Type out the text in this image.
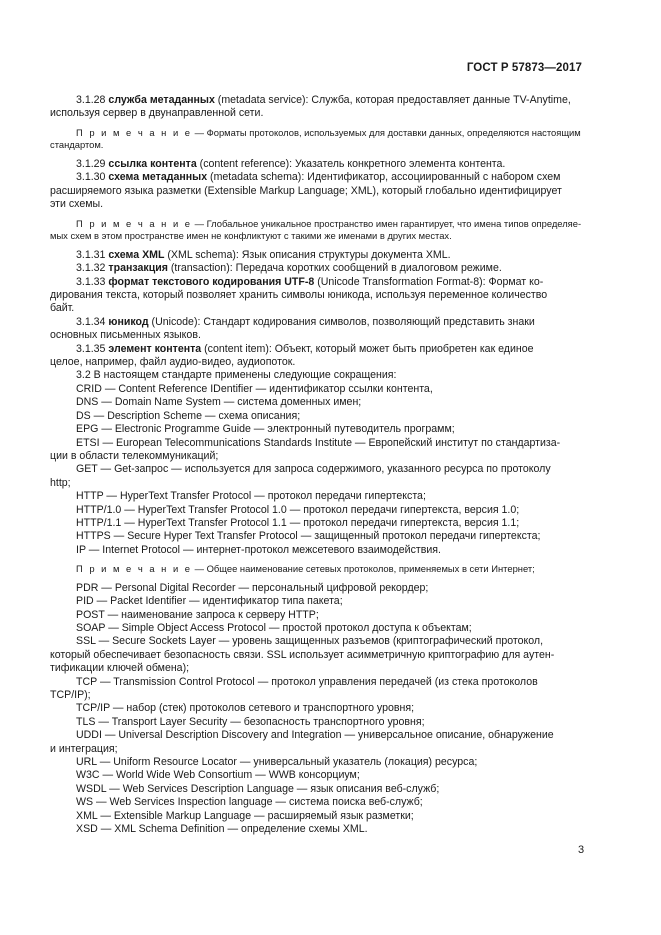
ГОСТ Р 57873—2017

3.1.28 служба метаданных (metadata service): Служба, которая предоставляет данные TV-Anytime,
используя сервер в двунаправленной сети.

П р и м е ч а н и е — Форматы протоколов, используемых для доставки данных, определяются настоящим
стандартом.

3.1.29 ссылка контента (content reference): Указатель конкретного элемента контента.

3.1.30 схема метаданных (metadata schema): Идентификатор, ассоциированный с набором схем
расширяемого языка разметки (Extensible Markup Language; XML), который глобально идентифицирует
эти схемы.

П р и м е ч а н и е — Глобальное уникальное пространство имен гарантирует, что имена типов определяе-
мых схем в этом пространстве имен не конфликтуют с такими же именами в других местах.

3.1.31 схема XML (XML schema): Язык описания структуры документа XML.

3.1.32 транзакция (transaction): Передача коротких сообщений в диалоговом режиме.

3.1.33 формат текстового кодирования UTF-8 (Unicode Transformation Format-8): Формат ко-
дирования текста, который позволяет хранить символы юникода, используя переменное количество
байт.

3.1.34 юникод (Unicode): Стандарт кодирования символов, позволяющий представить знаки
основных письменных языков.

3.1.35 элемент контента (content item): Объект, который может быть приобретен как единое
целое, например, файл аудио-видео, аудиопоток.

3.2 В настоящем стандарте применены следующие сокращения:

CRID — Content Reference IDentifier — идентификатор ссылки контента,

DNS — Domain Name System — система доменных имен;

DS — Description Scheme — схема описания;

EPG — Electronic Programme Guide — электронный путеводитель программ;

ETSI — European Telecommunications Standards Institute — Европейский институт по стандартиза-
ции в области телекоммуникаций;

GET — Get-запрос — используется для запроса содержимого, указанного ресурса по протоколу
http;

HTTP — HyperText Transfer Protocol — протокол передачи гипертекста;

HTTP/1.0 — HyperText Transfer Protocol 1.0 — протокол передачи гипертекста, версия 1.0;

HTTP/1.1 — HyperText Transfer Protocol 1.1 — протокол передачи гипертекста, версия 1.1;

HTTPS — Secure Hyper Text Transfer Protocol — защищенный протокол передачи гипертекста;

IP — Internet Protocol — интернет-протокол межсетевого взаимодействия.

П р и м е ч а н и е — Общее наименование сетевых протоколов, применяемых в сети Интернет;

PDR — Personal Digital Recorder — персональный цифровой рекордер;

PID — Packet Identifier — идентификатор типа пакета;

POST — наименование запроса к серверу HTTP;

SOAP — Simple Object Access Protocol — простой протокол доступа к объектам;

SSL — Secure Sockets Layer — уровень защищенных разъемов (криптографический протокол,
который обеспечивает безопасность связи. SSL использует асимметричную криптографию для аутен-
тификации ключей обмена);

TCP — Transmission Control Protocol — протокол управления передачей (из стека протоколов
TCP/IP);

TCP/IP — набор (стек) протоколов сетевого и транспортного уровня;

TLS — Transport Layer Security — безопасность транспортного уровня;

UDDI — Universal Description Discovery and Integration — универсальное описание, обнаружение
и интеграция;

URL — Uniform Resource Locator — универсальный указатель (локация) ресурса;

W3C — World Wide Web Consortium — WWB консорциум;

WSDL — Web Services Description Language — язык описания веб-служб;

WS — Web Services Inspection language — система поиска веб-служб;

XML — Extensible Markup Language — расширяемый язык разметки;

XSD — XML Schema Definition — определение схемы XML.

3
